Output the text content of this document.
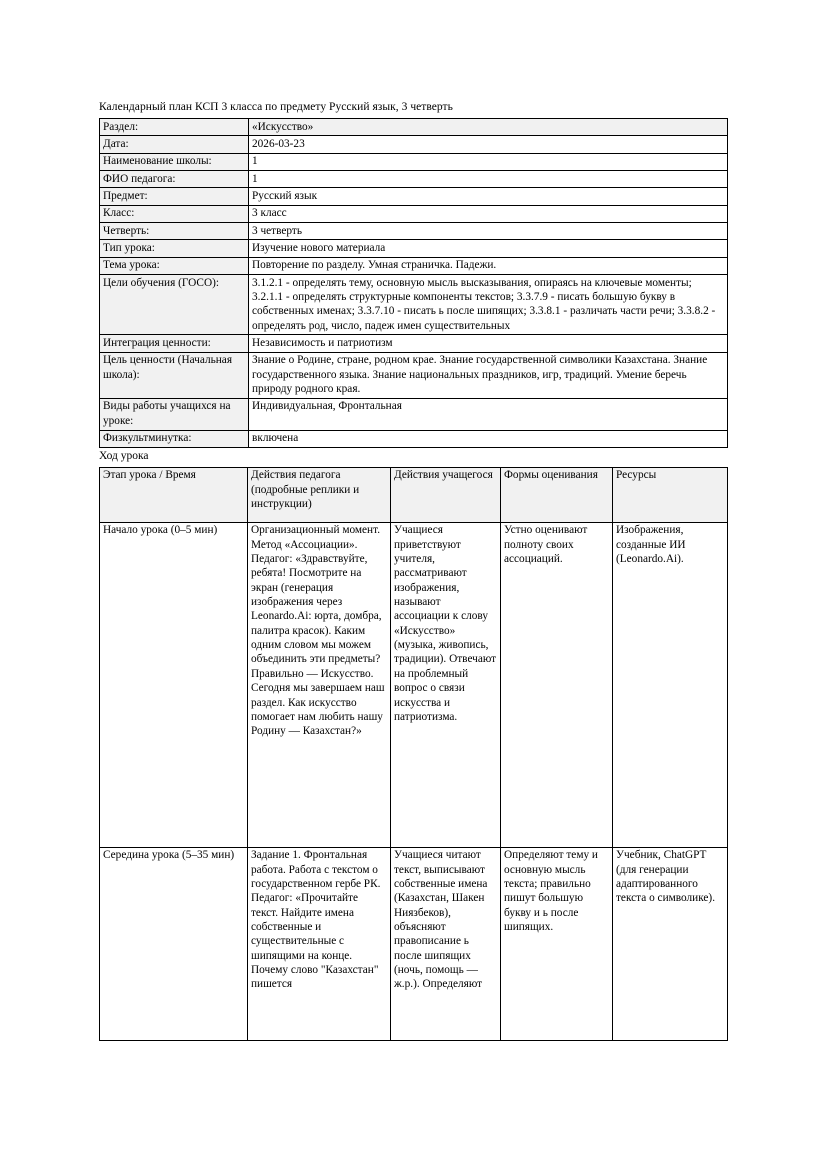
Календарный план КСП 3 класса по предмету Русский язык, 3 четверть

Раздел:	«Искусство»
Дата:	2026-03-23
Наименование школы:	1
ФИО педагога:	1
Предмет:	Русский язык
Класс:	3 класс
Четверть:	3 четверть
Тип урока:	Изучение нового материала
Тема урока:	Повторение по разделу. Умная страничка. Падежи.
Цели обучения (ГОСО):	3.1.2.1 - определять тему, основную мысль высказывания, опираясь на ключевые моменты; 3.2.1.1 - определять структурные компоненты текстов; 3.3.7.9 - писать большую букву в собственных именах; 3.3.7.10 - писать ь после шипящих; 3.3.8.1 - различать части речи; 3.3.8.2 - определять род, число, падеж имен существительных
Интеграция ценности:	Независимость и патриотизм
Цель ценности (Начальная школа):	Знание о Родине, стране, родном крае. Знание государственной символики Казахстана. Знание государственного языка. Знание национальных праздников, игр, традиций. Умение беречь природу родного края.
Виды работы учащихся на уроке:	Индивидуальная, Фронтальная
Физкультминутка:	включена

Ход урока

Этап урока / Время	Действия педагога (подробные реплики и инструкции)	Действия учащегося	Формы оценивания	Ресурсы
Начало урока (0–5 мин)	Организационный момент. Метод «Ассоциации». Педагог: «Здравствуйте, ребята! Посмотрите на экран (генерация изображения через Leonardo.Ai: юрта, домбра, палитра красок). Каким одним словом мы можем объединить эти предметы? Правильно — Искусство. Сегодня мы завершаем наш раздел. Как искусство помогает нам любить нашу Родину — Казахстан?»	Учащиеся приветствуют учителя, рассматривают изображения, называют ассоциации к слову «Искусство» (музыка, живопись, традиции). Отвечают на проблемный вопрос о связи искусства и патриотизма.	Устно оценивают полноту своих ассоциаций.	Изображения, созданные ИИ (Leonardo.Ai).
Середина урока (5–35 мин)	Задание 1. Фронтальная работа. Работа с текстом о государственном гербе РК. Педагог: «Прочитайте текст. Найдите имена собственные и существительные с шипящими на конце. Почему слово "Казахстан" пишется	Учащиеся читают текст, выписывают собственные имена (Казахстан, Шакен Ниязбеков), объясняют правописание ь после шипящих (ночь, помощь — ж.р.). Определяют	Определяют тему и основную мысль текста; правильно пишут большую букву и ь после шипящих.	Учебник, ChatGPT (для генерации адаптированного текста о символике).
